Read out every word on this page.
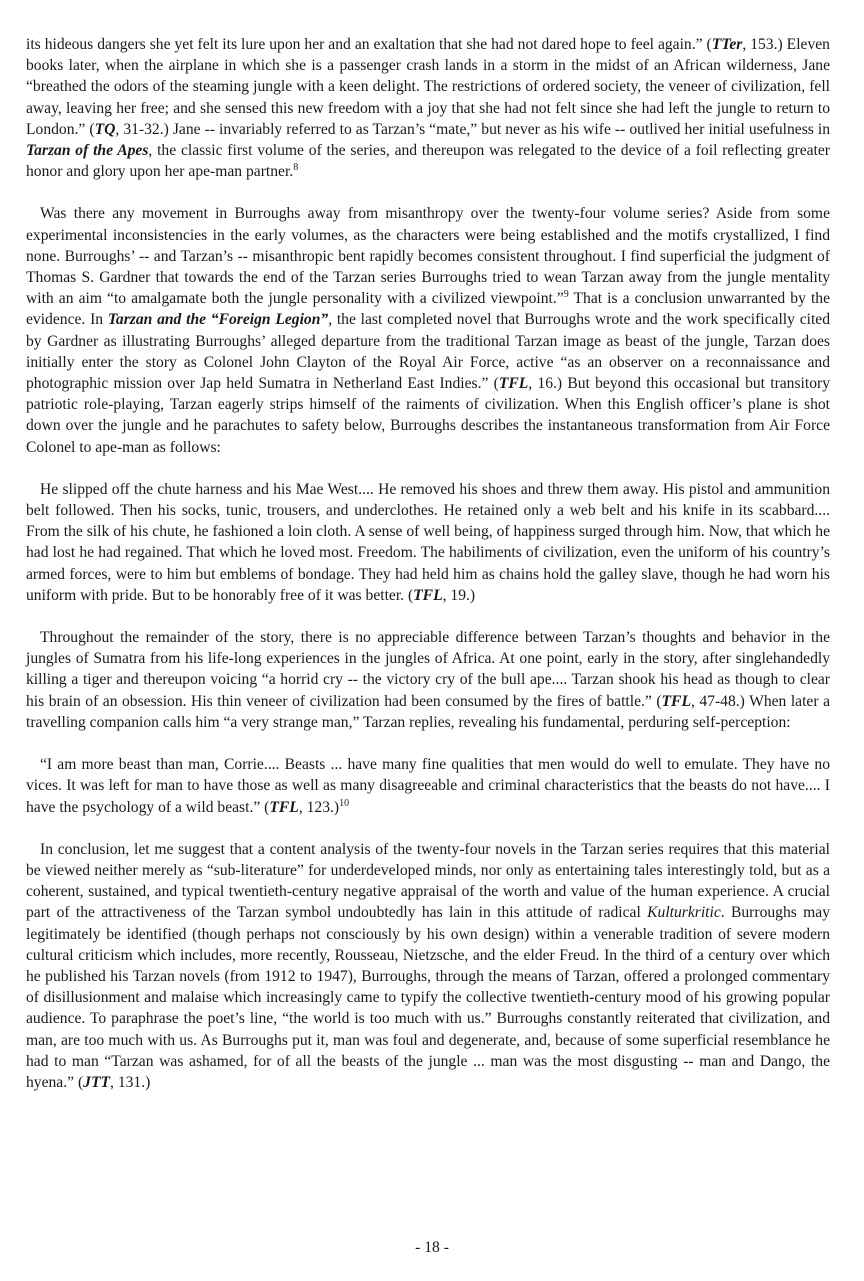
its hideous dangers she yet felt its lure upon her and an exaltation that she had not dared hope to feel again.” (TTer, 153.) Eleven books later, when the airplane in which she is a passenger crash lands in a storm in the midst of an African wilderness, Jane “breathed the odors of the steaming jungle with a keen delight. The restrictions of ordered society, the veneer of civilization, fell away, leaving her free; and she sensed this new freedom with a joy that she had not felt since she had left the jungle to return to London.” (TQ, 31-32.) Jane -- invariably referred to as Tarzan’s “mate,” but never as his wife -- outlived her initial usefulness in Tarzan of the Apes, the classic first volume of the series, and thereupon was relegated to the device of a foil reflecting greater honor and glory upon her ape-man partner.$^8$

Was there any movement in Burroughs away from misanthropy over the twenty-four volume series? Aside from some experimental inconsistencies in the early volumes, as the characters were being established and the motifs crystallized, I find none. Burroughs’ -- and Tarzan’s -- misanthropic bent rapidly becomes consistent throughout. I find superficial the judgment of Thomas S. Gardner that towards the end of the Tarzan series Burroughs tried to wean Tarzan away from the jungle mentality with an aim “to amalgamate both the jungle personality with a civilized viewpoint.”$^9$ That is a conclusion unwarranted by the evidence. In Tarzan and the “Foreign Legion”, the last completed novel that Burroughs wrote and the work specifically cited by Gardner as illustrating Burroughs’ alleged departure from the traditional Tarzan image as beast of the jungle, Tarzan does initially enter the story as Colonel John Clayton of the Royal Air Force, active “as an observer on a reconnaissance and photographic mission over Jap held Sumatra in Netherland East Indies.” (TFL, 16.) But beyond this occasional but transitory patriotic role-playing, Tarzan eagerly strips himself of the raiments of civilization. When this English officer’s plane is shot down over the jungle and he parachutes to safety below, Burroughs describes the instantaneous transformation from Air Force Colonel to ape-man as follows:

He slipped off the chute harness and his Mae West.... He removed his shoes and threw them away. His pistol and ammunition belt followed. Then his socks, tunic, trousers, and underclothes. He retained only a web belt and his knife in its scabbard.... From the silk of his chute, he fashioned a loin cloth. A sense of well being, of happiness surged through him. Now, that which he had lost he had regained. That which he loved most. Freedom. The habiliments of civilization, even the uniform of his country’s armed forces, were to him but emblems of bondage. They had held him as chains hold the galley slave, though he had worn his uniform with pride. But to be honorably free of it was better. (TFL, 19.)

Throughout the remainder of the story, there is no appreciable difference between Tarzan’s thoughts and behavior in the jungles of Sumatra from his life-long experiences in the jungles of Africa. At one point, early in the story, after singlehandedly killing a tiger and thereupon voicing “a horrid cry -- the victory cry of the bull ape.... Tarzan shook his head as though to clear his brain of an obsession. His thin veneer of civilization had been consumed by the fires of battle.” (TFL, 47-48.) When later a travelling companion calls him “a very strange man,” Tarzan replies, revealing his fundamental, perduring self-perception:

“I am more beast than man, Corrie.... Beasts ... have many fine qualities that men would do well to emulate. They have no vices. It was left for man to have those as well as many disagreeable and criminal characteristics that the beasts do not have.... I have the psychology of a wild beast.” (TFL, 123.)$^{10}$

In conclusion, let me suggest that a content analysis of the twenty-four novels in the Tarzan series requires that this material be viewed neither merely as “sub-literature” for underdeveloped minds, nor only as entertaining tales interestingly told, but as a coherent, sustained, and typical twentieth-century negative appraisal of the worth and value of the human experience. A crucial part of the attractiveness of the Tarzan symbol undoubtedly has lain in this attitude of radical Kulturkritic. Burroughs may legitimately be identified (though perhaps not consciously by his own design) within a venerable tradition of severe modern cultural criticism which includes, more recently, Rousseau, Nietzsche, and the elder Freud. In the third of a century over which he published his Tarzan novels (from 1912 to 1947), Burroughs, through the means of Tarzan, offered a prolonged commentary of disillusionment and malaise which increasingly came to typify the collective twentieth-century mood of his growing popular audience. To paraphrase the poet’s line, “the world is too much with us.” Burroughs constantly reiterated that civilization, and man, are too much with us. As Burroughs put it, man was foul and degenerate, and, because of some superficial resemblance he had to man “Tarzan was ashamed, for of all the beasts of the jungle ... man was the most disgusting -- man and Dango, the hyena.” (JTT, 131.)

- 18 -
